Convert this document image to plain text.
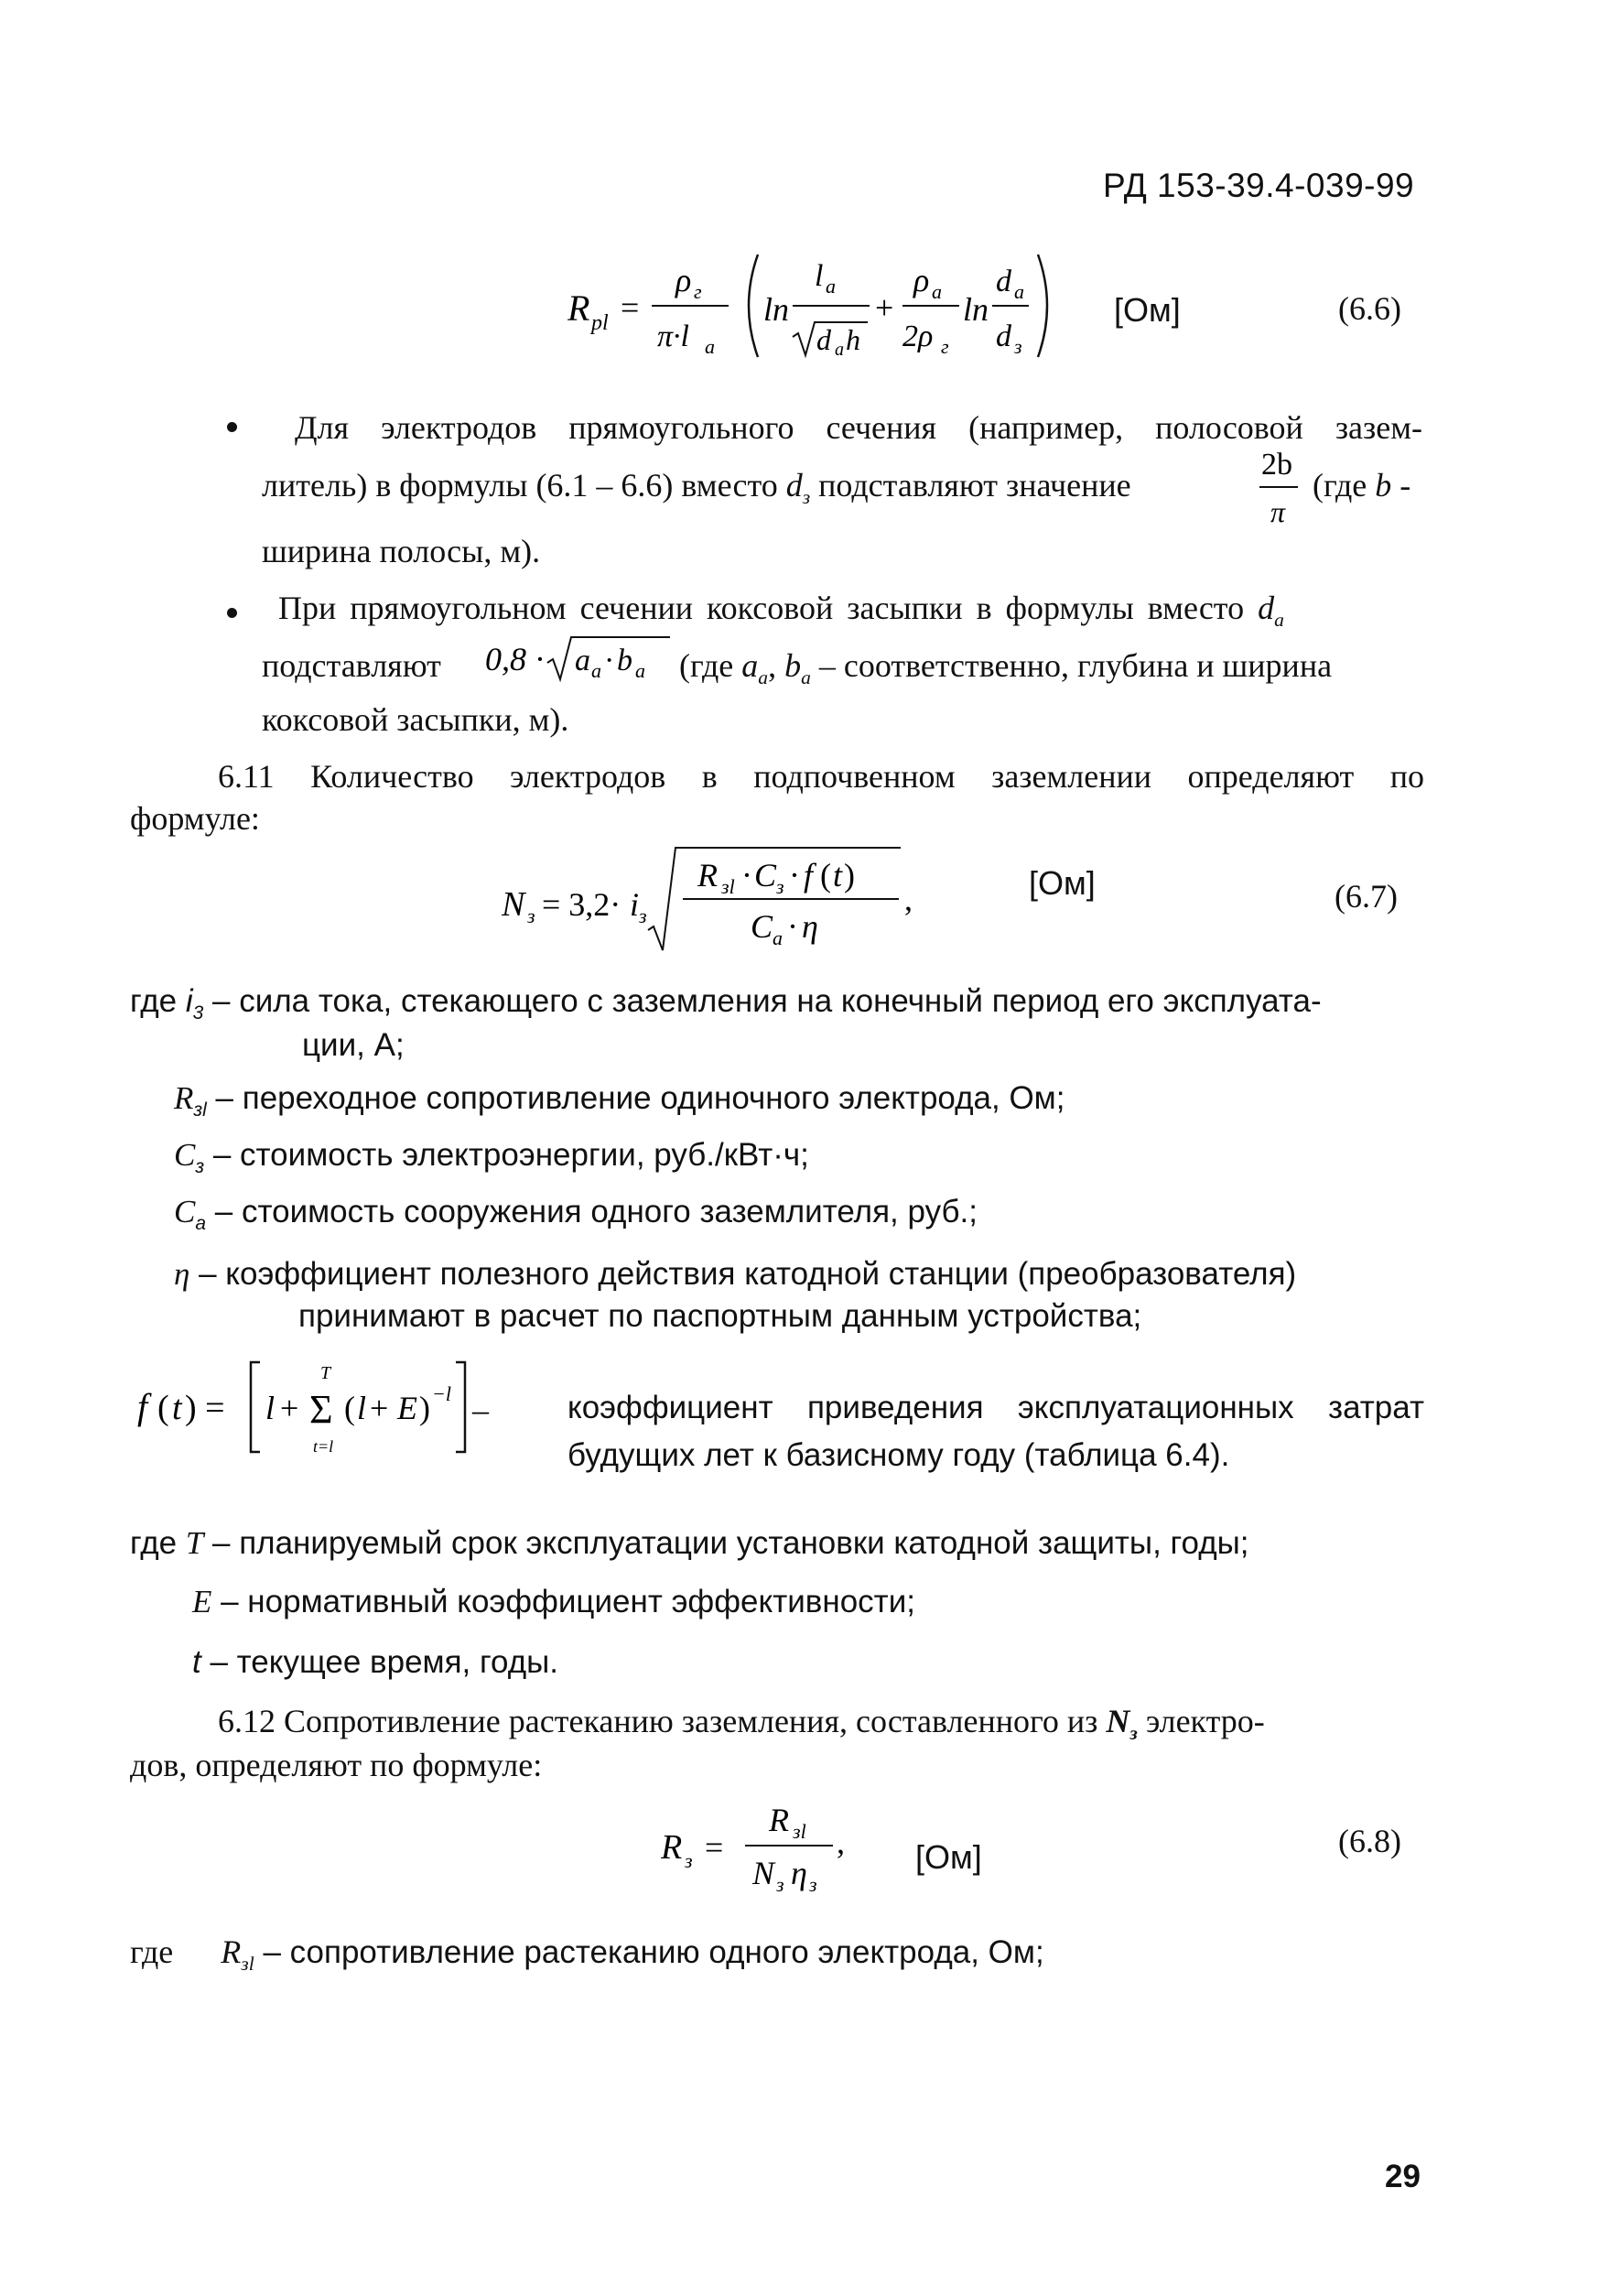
РД 153-39.4-039-99
R pl =
ρ г
π·l a
ln
l a
d a h
+
ρ a
2ρ г
ln
d a
d з
[Ом]	(6.6)
Для электродов прямоугольного сечения (например, полосовой зазем-
литель) в формулы (6.1 – 6.6) вместо $d_з$ подставляют значение
2b
π
(где b -
ширина полосы, м).
При прямоугольном сечении коксовой засыпки в формулы вместо $d_a$
подставляют 0,8 · a a · b a (где $a_a$, $b_a$ – соответственно, глубина и ширина
коксовой засыпки, м).
6.11 Количество электродов в подпочвенном заземлении определяют по
формуле:
N з = 3,2· i з
R зl · C з · f ( t )
C a · η
,	[Ом]	(6.7)
где $i_3$ – сила тока, стекающего с заземления на конечный период его эксплуата-
ции, А;
$R_{зl}$ – переходное сопротивление одиночного электрода, Ом;
$C_з$ – стоимость электроэнергии, руб./кВт·ч;
$C_a$ – стоимость сооружения одного заземлителя, руб.;
η – коэффициент полезного действия катодной станции (преобразователя)
принимают в расчет по паспортным данным устройства;
f ( t ) = l + Σ
T
t=l
( l + E ) −l – коэффициент приведения эксплуатационных затрат
будущих лет к базисному году (таблица 6.4).
где T – планируемый срок эксплуатации установки катодной защиты, годы;
E – нормативный коэффициент эффективности;
t – текущее время, годы.
6.12 Сопротивление растеканию заземления, составленного из $N_з$ электро-
дов, определяют по формуле:
R з =
R зl
N з η з
, [Ом]	(6.8)
где $R_{зl}$ – сопротивление растеканию одного электрода, Ом;
29
